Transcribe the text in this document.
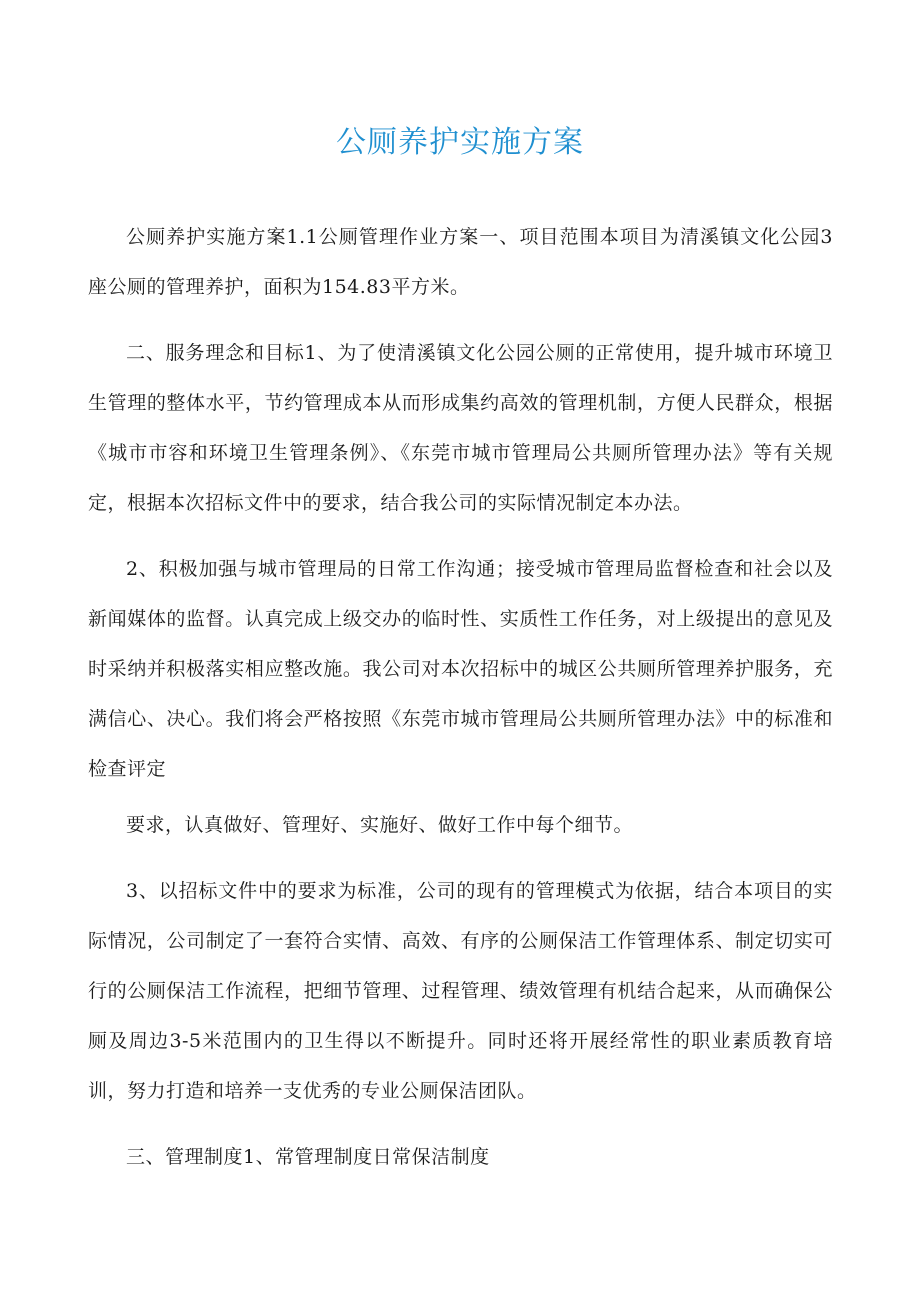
公厕养护实施方案

公厕养护实施方案1.1公厕管理作业方案一、项目范围本项目为清溪镇文化公园3座公厕的管理养护，面积为154.83平方米。

二、服务理念和目标1、为了使清溪镇文化公园公厕的正常使用，提升城市环境卫生管理的整体水平，节约管理成本从而形成集约高效的管理机制，方便人民群众，根据《城市市容和环境卫生管理条例》、《东莞市城市管理局公共厕所管理办法》等有关规定，根据本次招标文件中的要求，结合我公司的实际情况制定本办法。

2、积极加强与城市管理局的日常工作沟通；接受城市管理局监督检查和社会以及新闻媒体的监督。认真完成上级交办的临时性、实质性工作任务，对上级提出的意见及时采纳并积极落实相应整改施。我公司对本次招标中的城区公共厕所管理养护服务，充满信心、决心。我们将会严格按照《东莞市城市管理局公共厕所管理办法》中的标准和检查评定

要求，认真做好、管理好、实施好、做好工作中每个细节。

3、以招标文件中的要求为标准，公司的现有的管理模式为依据，结合本项目的实际情况，公司制定了一套符合实情、高效、有序的公厕保洁工作管理体系、制定切实可行的公厕保洁工作流程，把细节管理、过程管理、绩效管理有机结合起来，从而确保公厕及周边3-5米范围内的卫生得以不断提升。同时还将开展经常性的职业素质教育培训，努力打造和培养一支优秀的专业公厕保洁团队。

三、管理制度1、常管理制度日常保洁制度
